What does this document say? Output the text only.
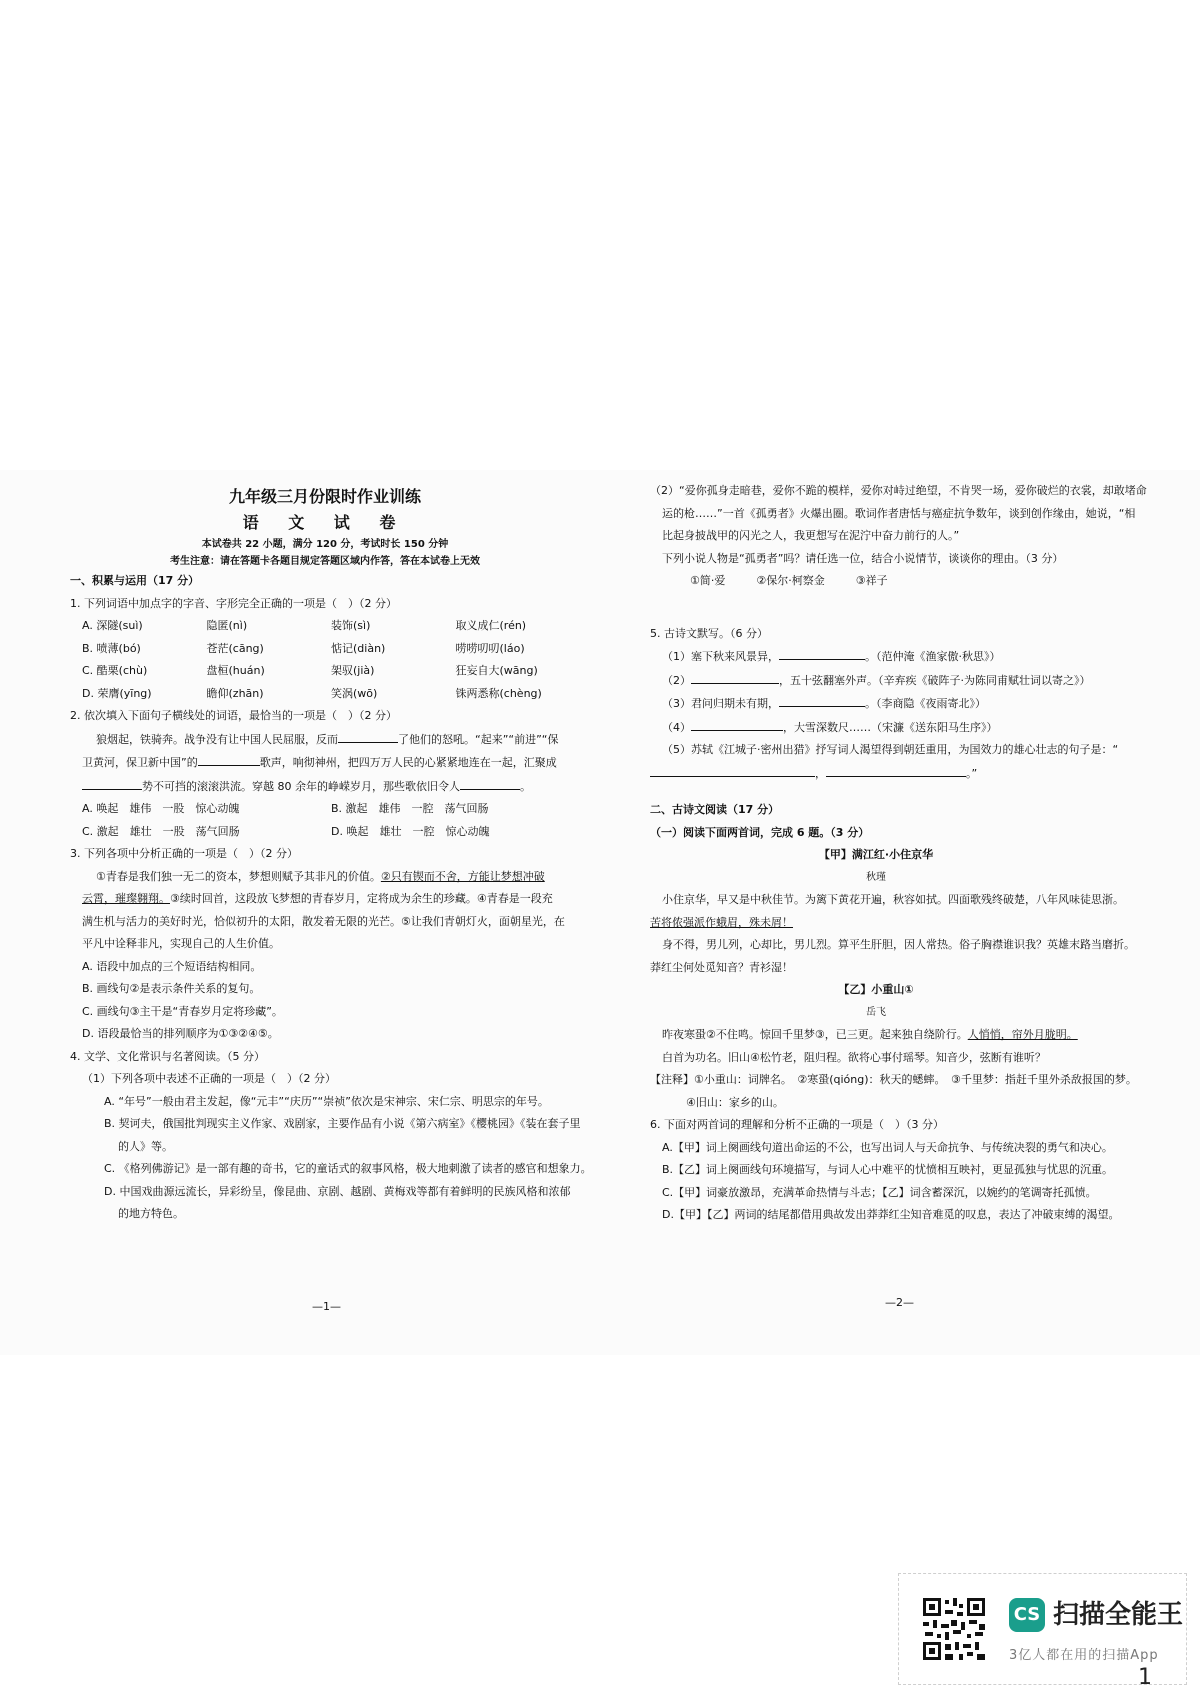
九年级三月份限时作业训练
语 文 试 卷
本试卷共 22 小题，满分 120 分，考试时长 150 分钟
考生注意：请在答题卡各题目规定答题区域内作答，答在本试卷上无效
一、积累与运用（17 分）
1. 下列词语中加点字的字音、字形完全正确的一项是（　）（2 分）
A. 深隧(suì)	隐匿(nì)	装饰(sì)	取义成仁(rén)
B. 喷薄(bó)	苍茫(cāng)	惦记(diàn)	唠唠叨叨(láo)
C. 酷栗(chù)	盘桓(huán)	架驭(jià)	狂妄自大(wāng)
D. 荣膺(yīng)	瞻仰(zhān)	笑涡(wō)	铢两悉称(chèng)
2. 依次填入下面句子横线处的词语，最恰当的一项是（　）（2 分）
狼烟起，铁骑奔。战争没有让中国人民屈服，反而	了他们的怒吼。“起来”“前进”“保
卫黄河，保卫新中国”的	歌声，响彻神州，把四万万人民的心紧紧地连在一起，汇聚成
势不可挡的滚滚洪流。穿越 80 余年的峥嵘岁月，那些歌依旧令人	。
A. 唤起　雄伟　一股　惊心动魄	B. 激起　雄伟　一腔　荡气回肠
C. 激起　雄壮　一股　荡气回肠	D. 唤起　雄壮　一腔　惊心动魄
3. 下列各项中分析正确的一项是（　）（2 分）
①青春是我们独一无二的资本，梦想则赋予其非凡的价值。②只有锲而不舍，方能让梦想冲破
云霄，璀璨翱翔。③续时回首，这段放飞梦想的青春岁月，定将成为余生的珍藏。④青春是一段充
满生机与活力的美好时光，恰似初升的太阳，散发着无限的光芒。⑤让我们青朝灯火，面朝星光，在
平凡中诠释非凡，实现自己的人生价值。
A. 语段中加点的三个短语结构相同。
B. 画线句②是表示条件关系的复句。
C. 画线句③主干是“青春岁月定将珍藏”。
D. 语段最恰当的排列顺序为①③②④⑤。
4. 文学、文化常识与名著阅读。（5 分）
（1）下列各项中表述不正确的一项是（　）（2 分）
A. “年号”一般由君主发起，像“元丰”“庆历”“崇祯”依次是宋神宗、宋仁宗、明思宗的年号。
B. 契诃夫，俄国批判现实主义作家、戏剧家，主要作品有小说《第六病室》《樱桃园》《装在套子里
的人》等。
C. 《格列佛游记》是一部有趣的奇书，它的童话式的叙事风格，极大地刺激了读者的感官和想象力。
D. 中国戏曲源远流长，异彩纷呈，像昆曲、京剧、越剧、黄梅戏等都有着鲜明的民族风格和浓郁
的地方特色。
—1—
（2）“爱你孤身走暗巷，爱你不跪的模样，爱你对峙过绝望，不肯哭一场，爱你破烂的衣裳，却敢堵命
运的枪……”一首《孤勇者》火爆出圈。歌词作者唐恬与癌症抗争数年，谈到创作缘由，她说，“相
比起身披战甲的闪光之人，我更想写在泥泞中奋力前行的人。”
下列小说人物是“孤勇者”吗？请任选一位，结合小说情节，谈谈你的理由。（3 分）
①简·爱	②保尔·柯察金	③祥子
5. 古诗文默写。（6 分）
（1）塞下秋来风景异，	。（范仲淹《渔家傲·秋思》）
（2）	，五十弦翻塞外声。（辛弃疾《破阵子·为陈同甫赋壮词以寄之》）
（3）君问归期未有期，	。（李商隐《夜雨寄北》）
（4）	，大雪深数尺……（宋濂《送东阳马生序》）
（5）苏轼《江城子·密州出猎》抒写词人渴望得到朝廷重用，为国效力的雄心壮志的句子是：“
，	。”
二、古诗文阅读（17 分）
（一）阅读下面两首词，完成 6 题。（3 分）
【甲】满江红·小住京华
秋瑾
小住京华，早又是中秋佳节。为篱下黄花开遍，秋容如拭。四面歌残终破楚，八年风味徒思浙。
苦将侬强派作蛾眉，殊未屑！
身不得，男儿列，心却比，男儿烈。算平生肝胆，因人常热。俗子胸襟谁识我？英雄末路当磨折。
莽红尘何处觅知音？青衫湿！
【乙】小重山①
岳飞
昨夜寒蛩②不住鸣。惊回千里梦③，已三更。起来独自绕阶行。人悄悄，帘外月胧明。
白首为功名。旧山④松竹老，阻归程。欲将心事付瑶琴。知音少，弦断有谁听？
【注释】①小重山：词牌名。　②寒蛩(qióng)：秋天的蟋蟀。　③千里梦：指赶千里外杀敌报国的梦。
④旧山：家乡的山。
6. 下面对两首词的理解和分析不正确的一项是（　）（3 分）
A.【甲】词上阕画线句道出命运的不公，也写出词人与天命抗争、与传统决裂的勇气和决心。
B.【乙】词上阕画线句环境描写，与词人心中难平的忧愤相互映衬，更显孤独与忧思的沉重。
C.【甲】词豪放激昂，充满革命热情与斗志；【乙】词含蓄深沉，以婉约的笔调寄托孤愤。
D.【甲】【乙】两词的结尾都借用典故发出莽莽红尘知音难觅的叹息，表达了冲破束缚的渴望。
—2—
CS 扫描全能王
3亿人都在用的扫描App
1
